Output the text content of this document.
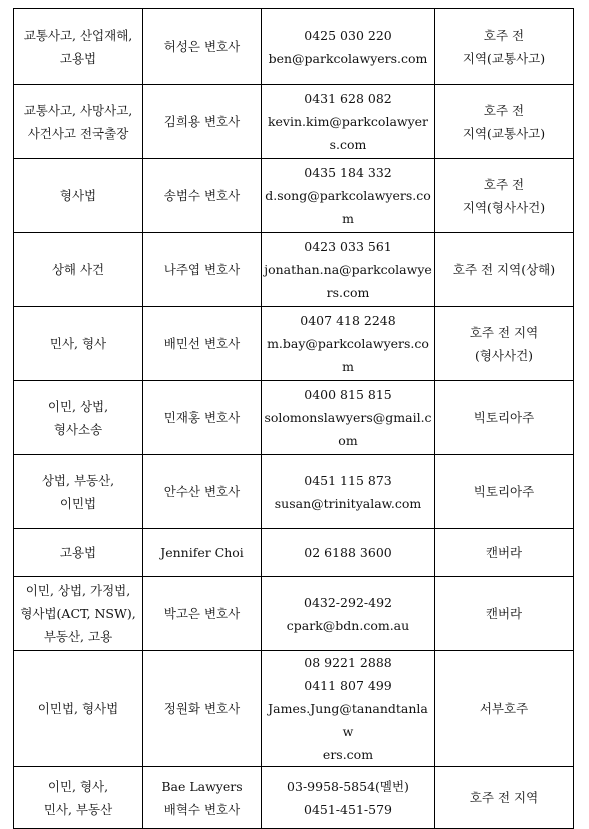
교통사고, 산업재해,
고용법	허성은 변호사	0425 030 220
ben@parkcolawyers.com	호주 전
지역(교통사고)

교통사고, 사망사고,
사건사고 전국출장	김희용 변호사	0431 628 082
kevin.kim@parkcolawyers.com	호주 전
지역(교통사고)

형사법	송범수 변호사	0435 184 332
d.song@parkcolawyers.com	호주 전
지역(형사사건)

상해 사건	나주엽 변호사	0423 033 561
jonathan.na@parkcolawyers.com	호주 전 지역(상해)

민사, 형사	배민선 변호사	0407 418 2248
m.bay@parkcolawyers.com	호주 전 지역
(형사사건)

이민, 상법,
형사소송	민재홍 변호사	0400 815 815
solomonslawyers@gmail.com	빅토리아주

상법, 부동산,
이민법	안수산 변호사	0451 115 873
susan@trinityalaw.com	빅토리아주

고용법	Jennifer Choi	02 6188 3600	캔버라

이민, 상법, 가정법,
형사법(ACT, NSW),
부동산, 고용	박고은 변호사	0432-292-492
cpark@bdn.com.au	캔버라

이민법, 형사법	정원화 변호사	08 9221 2888
0411 807 499
James.Jung@tanandtanlaw
ers.com	서부호주

이민, 형사,
민사, 부동산	Bae Lawyers
배혁수 변호사	03-9958-5854(멜번)
0451-451-579	호주 전 지역
